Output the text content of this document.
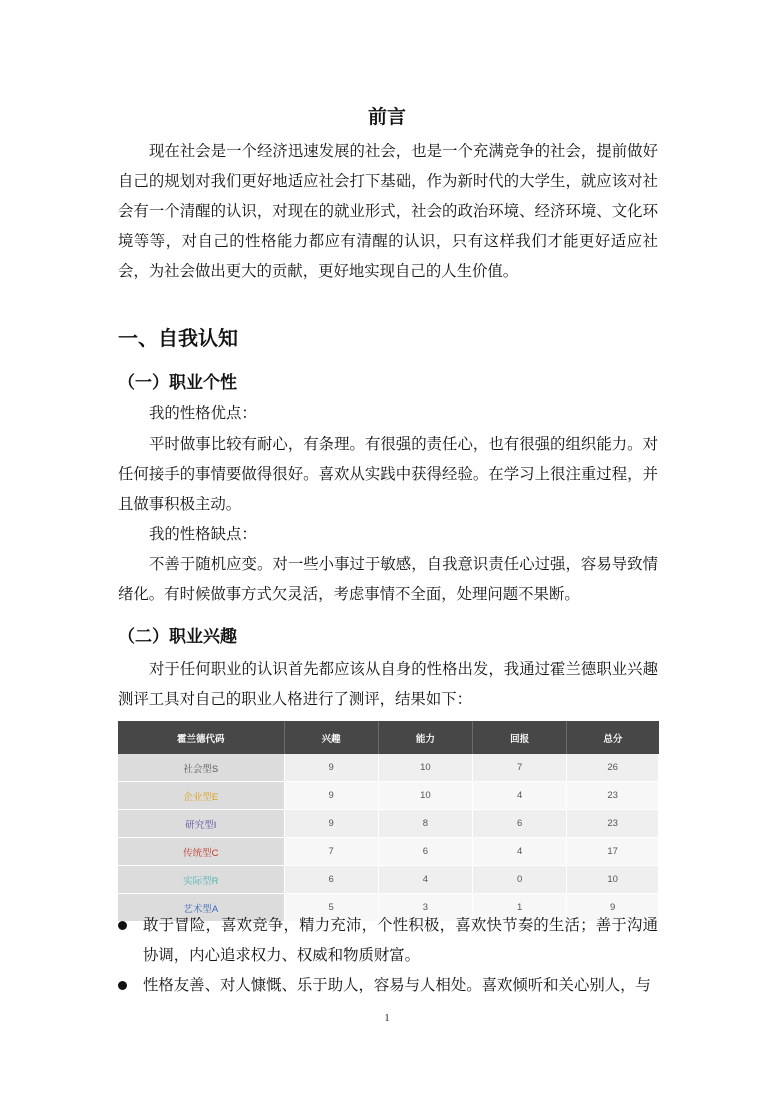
前言

现在社会是一个经济迅速发展的社会，也是一个充满竞争的社会，提前做好自己的规划对我们更好地适应社会打下基础，作为新时代的大学生，就应该对社会有一个清醒的认识，对现在的就业形式，社会的政治环境、经济环境、文化环境等等，对自己的性格能力都应有清醒的认识，只有这样我们才能更好适应社会，为社会做出更大的贡献，更好地实现自己的人生价值。

一、自我认知
（一）职业个性

我的性格优点：

平时做事比较有耐心，有条理。有很强的责任心，也有很强的组织能力。对任何接手的事情要做得很好。喜欢从实践中获得经验。在学习上很注重过程，并且做事积极主动。

我的性格缺点：

不善于随机应变。对一些小事过于敏感，自我意识责任心过强，容易导致情绪化。有时候做事方式欠灵活，考虑事情不全面，处理问题不果断。

（二）职业兴趣

对于任何职业的认识首先都应该从自身的性格出发，我通过霍兰德职业兴趣测评工具对自己的职业人格进行了测评，结果如下：

霍兰德代码	兴趣	能力	回报	总分
社会型S	9	10	7	26
企业型E	9	10	4	23
研究型I	9	8	6	23
传统型C	7	6	4	17
实际型R	6	4	0	10
艺术型A	5	3	1	9
敢于冒险，喜欢竞争，精力充沛，个性积极，喜欢快节奏的生活；善于沟通协调，内心追求权力、权威和物质财富。
性格友善、对人慷慨、乐于助人，容易与人相处。喜欢倾听和关心别人，与
1
